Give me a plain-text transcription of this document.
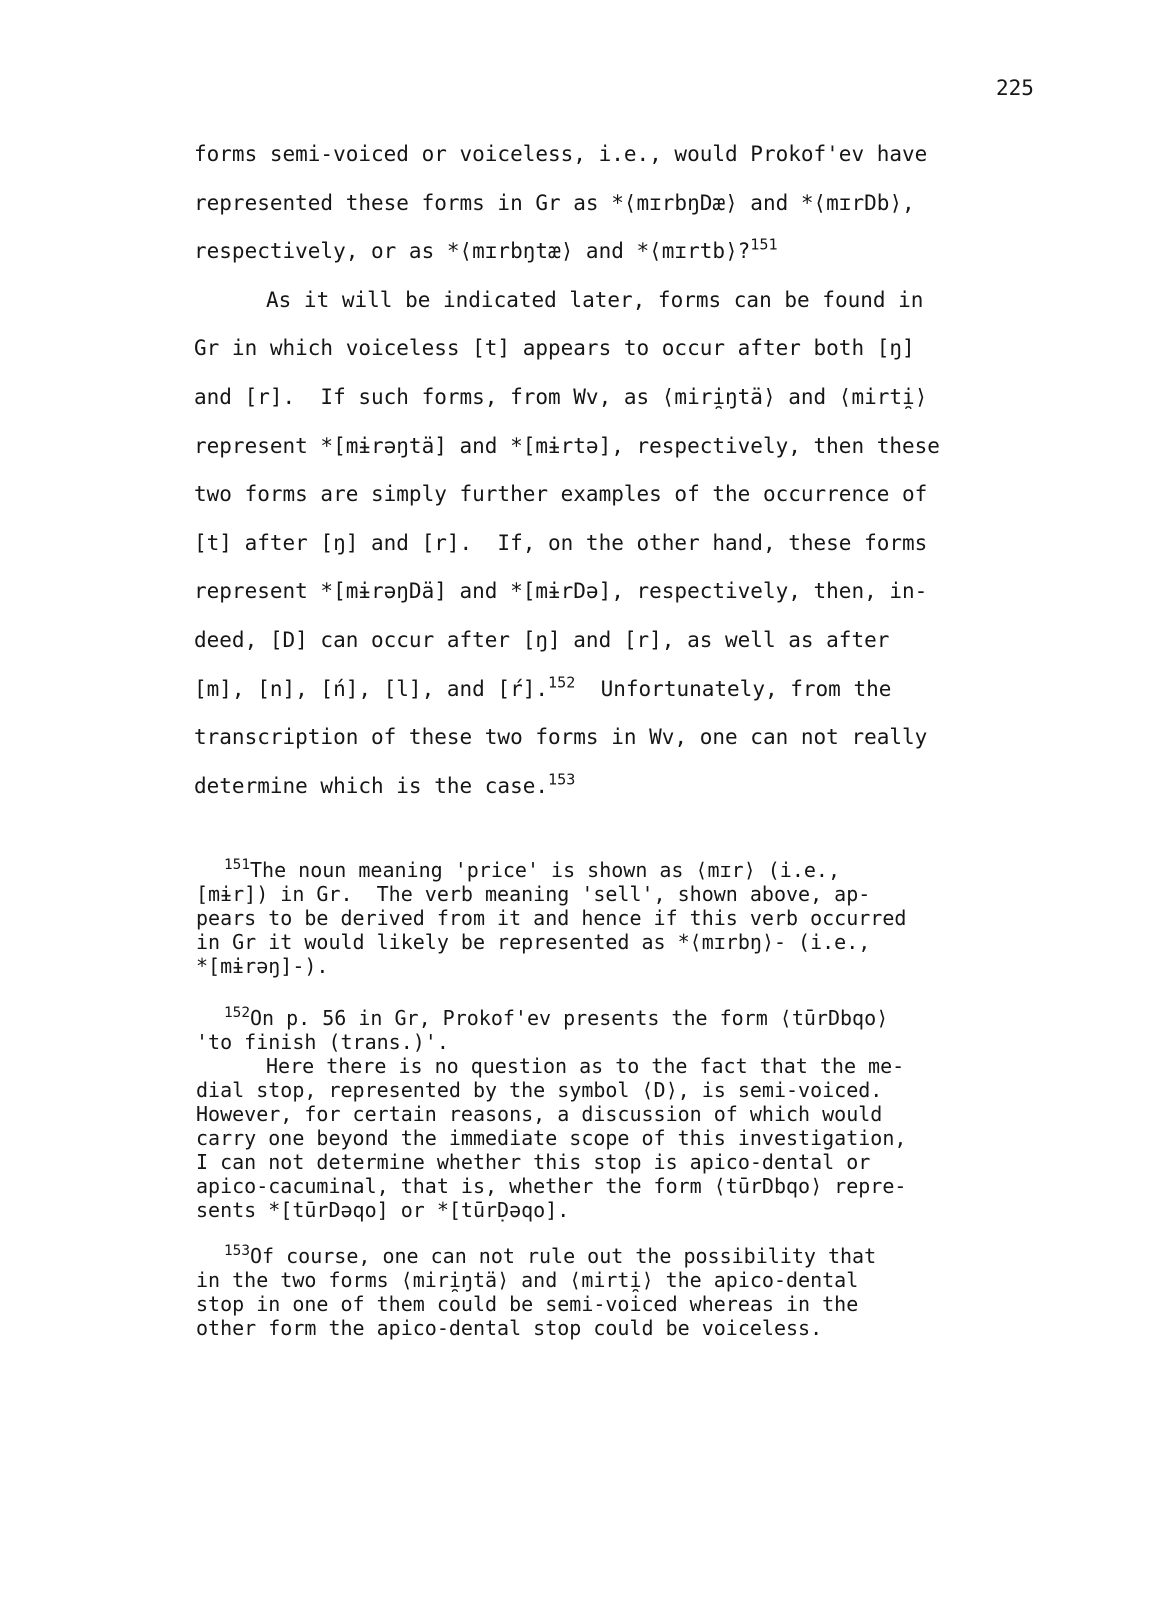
225
forms semi-voiced or voiceless, i.e., would Prokof'ev have
represented these forms in Gr as *⟨mɪrbŋDæ⟩ and *⟨mɪrDb⟩,
respectively, or as *⟨mɪrbŋtæ⟩ and *⟨mɪrtb⟩?$^{151}$
As it will be indicated later, forms can be found in
Gr in which voiceless [t] appears to occur after both [ŋ]
and [r].  If such forms, from Wv, as ⟨miri̯ŋtä⟩ and ⟨mirti̯⟩
represent *[mɨrəŋtä] and *[mɨrtə], respectively, then these
two forms are simply further examples of the occurrence of
[t] after [ŋ] and [r].  If, on the other hand, these forms
represent *[mɨrəŋDä] and *[mɨrDə], respectively, then, in-
deed, [D] can occur after [ŋ] and [r], as well as after
[m], [n], [ń], [l], and [ŕ].$^{152}$  Unfortunately, from the
transcription of these two forms in Wv, one can not really
determine which is the case.$^{153}$
$^{151}$The noun meaning 'price' is shown as ⟨mɪr⟩ (i.e.,
[mɨr]) in Gr.  The verb meaning 'sell', shown above, ap-
pears to be derived from it and hence if this verb occurred
in Gr it would likely be represented as *⟨mɪrbŋ⟩- (i.e.,
*[mɨrəŋ]-).
$^{152}$On p. 56 in Gr, Prokof'ev presents the form ⟨tūrDbqo⟩
'to finish (trans.)'.
Here there is no question as to the fact that the me-
dial stop, represented by the symbol ⟨D⟩, is semi-voiced.
However, for certain reasons, a discussion of which would
carry one beyond the immediate scope of this investigation,
I can not determine whether this stop is apico-dental or
apico-cacuminal, that is, whether the form ⟨tūrDbqo⟩ repre-
sents *[tūrDəqo] or *[tūrḌəqo].
$^{153}$Of course, one can not rule out the possibility that
in the two forms ⟨miri̯ŋtä⟩ and ⟨mirti̯⟩ the apico-dental
stop in one of them could be semi-voiced whereas in the
other form the apico-dental stop could be voiceless.
